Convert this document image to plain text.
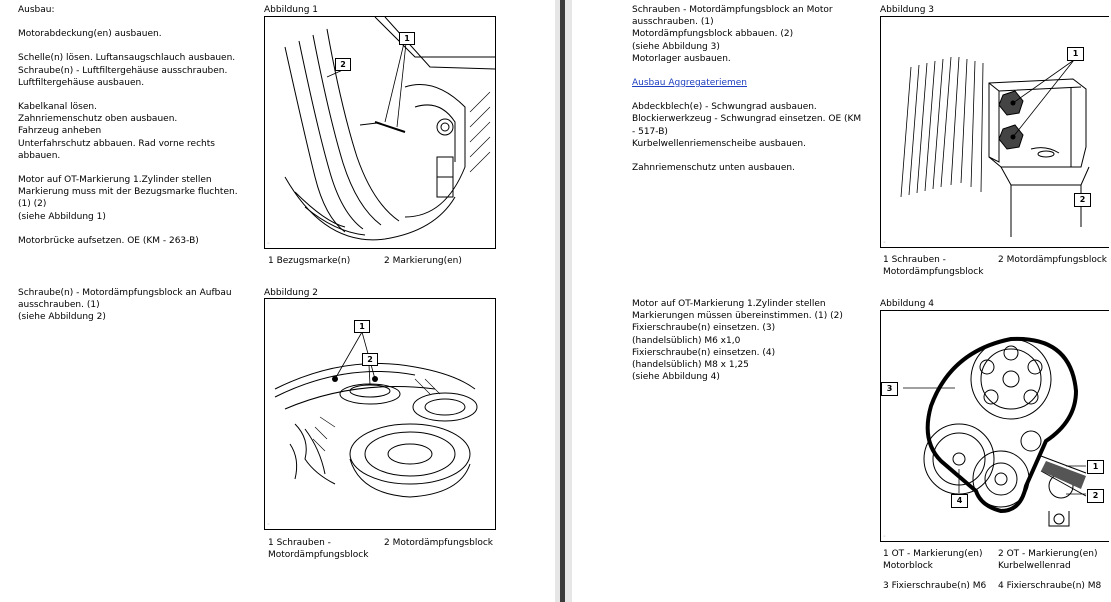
Ausbau:

Motorabdeckung(en) ausbauen.

Schelle(n) lösen. Luftansaugschlauch ausbauen.

Schraube(n) - Luftfiltergehäuse ausschrauben.

Luftfiltergehäuse ausbauen.

Kabelkanal lösen.

Zahnriemenschutz oben ausbauen.

Fahrzeug anheben

Unterfahrschutz abbauen. Rad vorne rechts

abbauen.

Motor auf OT-Markierung 1.Zylinder stellen

Markierung muss mit der Bezugsmarke fluchten.

(1) (2)

(siehe Abbildung 1)

Motorbrücke aufsetzen. OE (KM - 263-B)

Abbildung 1
1
2
◦
1 Bezugsmarke(n)	2 Markierung(en)

Schraube(n) - Motordämpfungsblock an Aufbau

ausschrauben. (1)

(siehe Abbildung 2)

Abbildung 2
1
2
◦
1 Schrauben -
Motordämpfungsblock
2 Motordämpfungsblock

Schrauben - Motordämpfungsblock an Motor

ausschrauben. (1)

Motordämpfungsblock abbauen. (2)

(siehe Abbildung 3)

Motorlager ausbauen.

Ausbau Aggregateriemen

Abdeckblech(e) - Schwungrad ausbauen.

Blockierwerkzeug - Schwungrad einsetzen. OE (KM

- 517-B)

Kurbelwellenriemenscheibe ausbauen.

Zahnriemenschutz unten ausbauen.

Abbildung 3
1
2
◦
1 Schrauben -
Motordämpfungsblock
2 Motordämpfungsblock

Motor auf OT-Markierung 1.Zylinder stellen

Markierungen müssen übereinstimmen. (1) (2)

Fixierschraube(n) einsetzen. (3)

(handelsüblich) M6 x1,0

Fixierschraube(n) einsetzen. (4)

(handelsüblich) M8 x 1,25

(siehe Abbildung 4)

Abbildung 4
3
1
2
4
◦
1 OT - Markierung(en)
Motorblock
2 OT - Markierung(en)
Kurbelwellenrad
3 Fixierschraube(n) M6 4 Fixierschraube(n) M8
